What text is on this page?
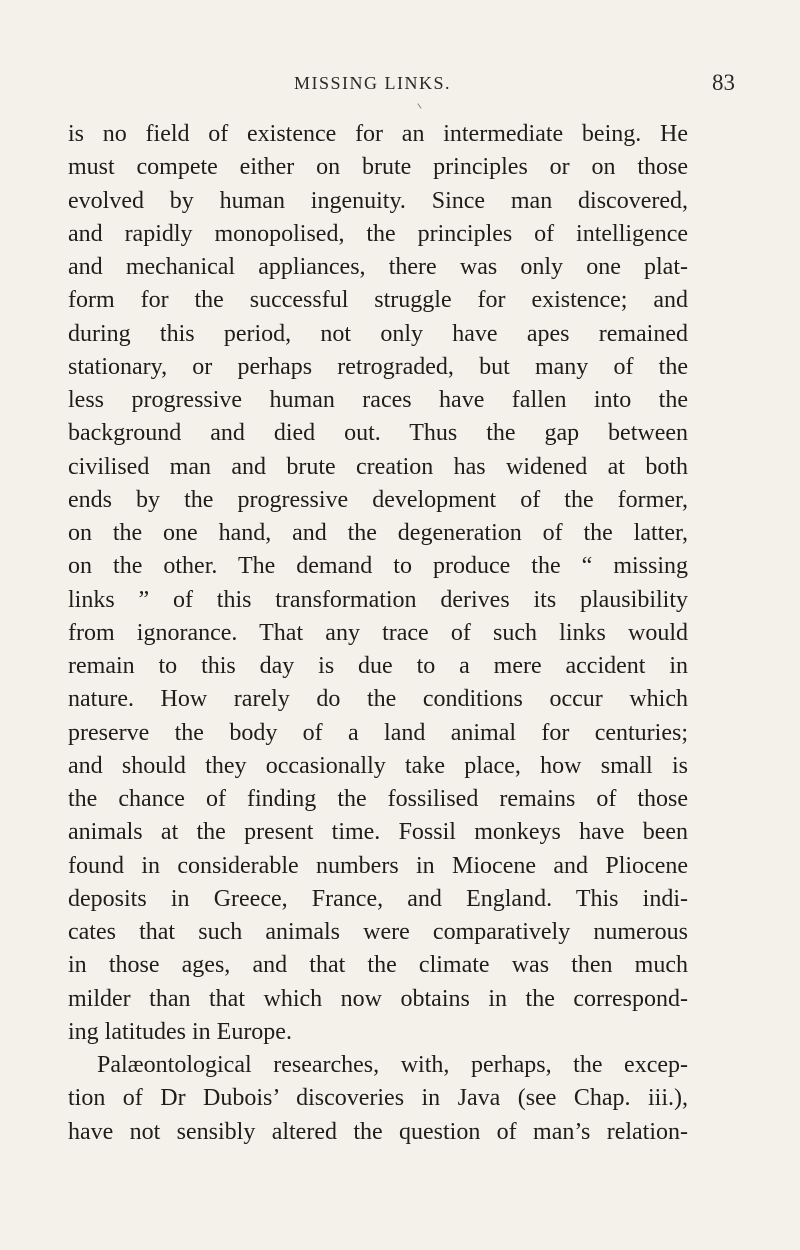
MISSING LINKS.	83
is no field of existence for an intermediate being. He
must compete either on brute principles or on those
evolved by human ingenuity. Since man discovered,
and rapidly monopolised, the principles of intelligence
and mechanical appliances, there was only one plat-
form for the successful struggle for existence; and
during this period, not only have apes remained
stationary, or perhaps retrograded, but many of the
less progressive human races have fallen into the
background and died out. Thus the gap between
civilised man and brute creation has widened at both
ends by the progressive development of the former,
on the one hand, and the degeneration of the latter,
on the other. The demand to produce the “ missing
links ” of this transformation derives its plausibility
from ignorance. That any trace of such links would
remain to this day is due to a mere accident in
nature. How rarely do the conditions occur which
preserve the body of a land animal for centuries;
and should they occasionally take place, how small is
the chance of finding the fossilised remains of those
animals at the present time. Fossil monkeys have been
found in considerable numbers in Miocene and Pliocene
deposits in Greece, France, and England. This indi-
cates that such animals were comparatively numerous
in those ages, and that the climate was then much
milder than that which now obtains in the correspond-
ing latitudes in Europe.
Palæontological researches, with, perhaps, the excep-
tion of Dr Dubois’ discoveries in Java (see Chap. iii.),
have not sensibly altered the question of man’s relation-
